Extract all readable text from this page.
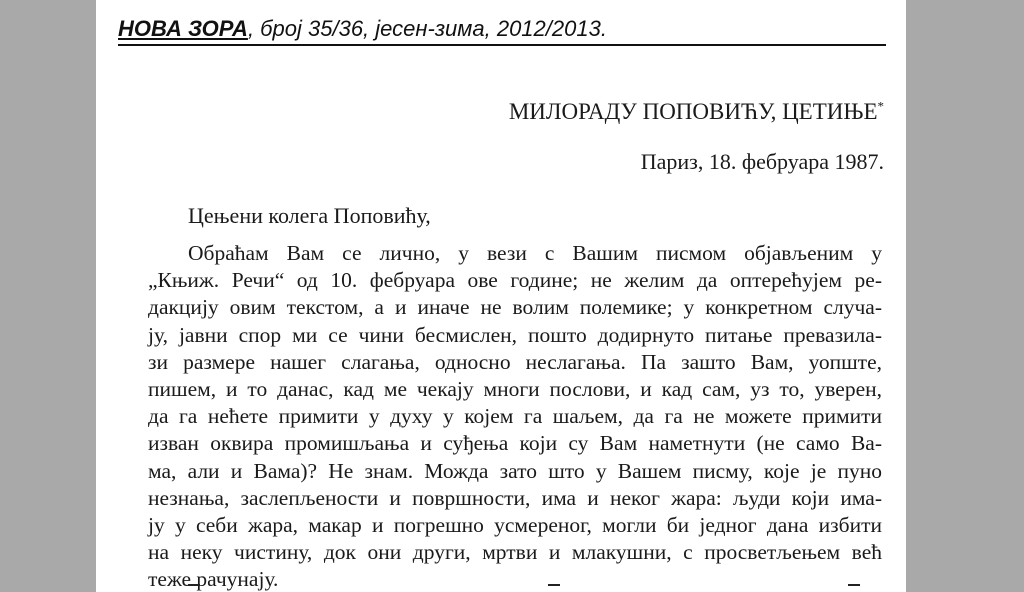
НОВА ЗОРА, број 35/36, јесен-зима, 2012/2013.
МИЛОРАДУ ПОПОВИЋУ, ЦЕТИЊЕ*
Париз, 18. фебруара 1987.
Цењени колега Поповићу,
Обраћам Вам се лично, у вези с Вашим писмом објављеним у
„Књиж. Речи“ од 10. фебруара ове године; не желим да оптерећујем ре-
дакцију овим текстом, а и иначе не волим полемике; у конкретном случа-
ју, јавни спор ми се чини бесмислен, пошто додирнуто питање превазила-
зи размере нашег слагања, односно неслагања. Па зашто Вам, уопште,
пишем, и то данас, кад ме чекају многи послови, и кад сам, уз то, уверен,
да га нећете примити у духу у којем га шаљем, да га не можете примити
изван оквира промишљања и суђења који су Вам наметнути (не само Ва-
ма, али и Вама)? Не знам. Можда зато што у Вашем писму, које је пуно
незнања, заслепљености и површности, има и неког жара: људи који има-
ју у себи жара, макар и погрешно усмереног, могли би једног дана избити
на неку чистину, док они други, мртви и млакушни, с просветљењем већ
теже рачунају.
